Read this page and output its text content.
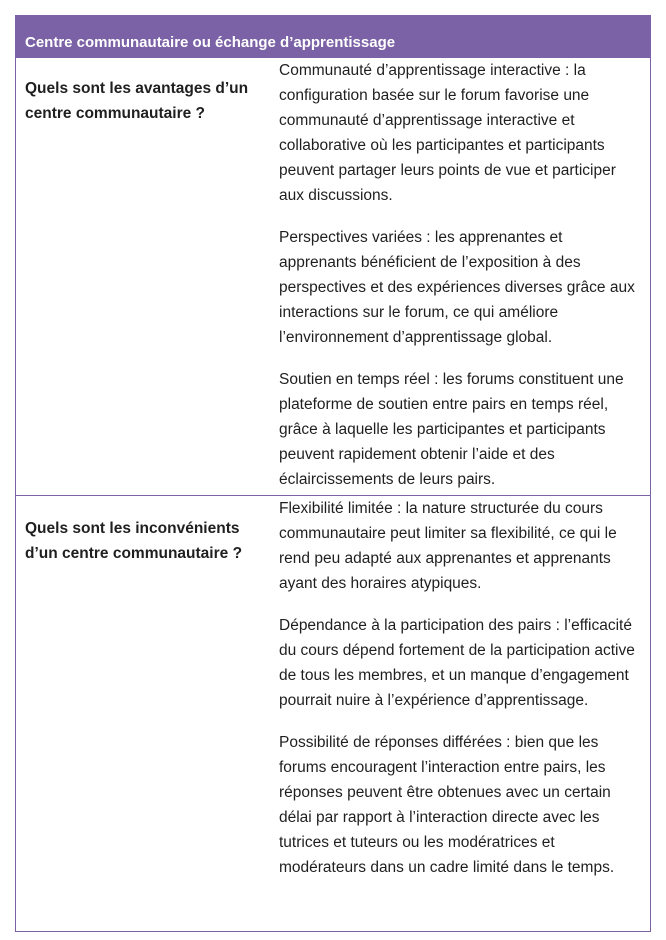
Centre communautaire ou échange d’apprentissage
Quels sont les avantages d’un centre communautaire ?

Communauté d’apprentissage interactive : la configuration basée sur le forum favorise une communauté d’apprentissage interactive et collaborative où les participantes et participants peuvent partager leurs points de vue et participer aux discussions.

Perspectives variées : les apprenantes et apprenants bénéficient de l’exposition à des perspectives et des expériences diverses grâce aux interactions sur le forum, ce qui améliore l’environnement d’apprentissage global.

Soutien en temps réel : les forums constituent une plateforme de soutien entre pairs en temps réel, grâce à laquelle les participantes et participants peuvent rapidement obtenir l’aide et des éclaircissements de leurs pairs.

Quels sont les inconvénients d’un centre communautaire ?

Flexibilité limitée : la nature structurée du cours communautaire peut limiter sa flexibilité, ce qui le rend peu adapté aux apprenantes et apprenants ayant des horaires atypiques.

Dépendance à la participation des pairs : l’efficacité du cours dépend fortement de la participation active de tous les membres, et un manque d’engagement pourrait nuire à l’expérience d’apprentissage.

Possibilité de réponses différées : bien que les forums encouragent l’interaction entre pairs, les réponses peuvent être obtenues avec un certain délai par rapport à l’interaction directe avec les tutrices et tuteurs ou les modératrices et modérateurs dans un cadre limité dans le temps.
